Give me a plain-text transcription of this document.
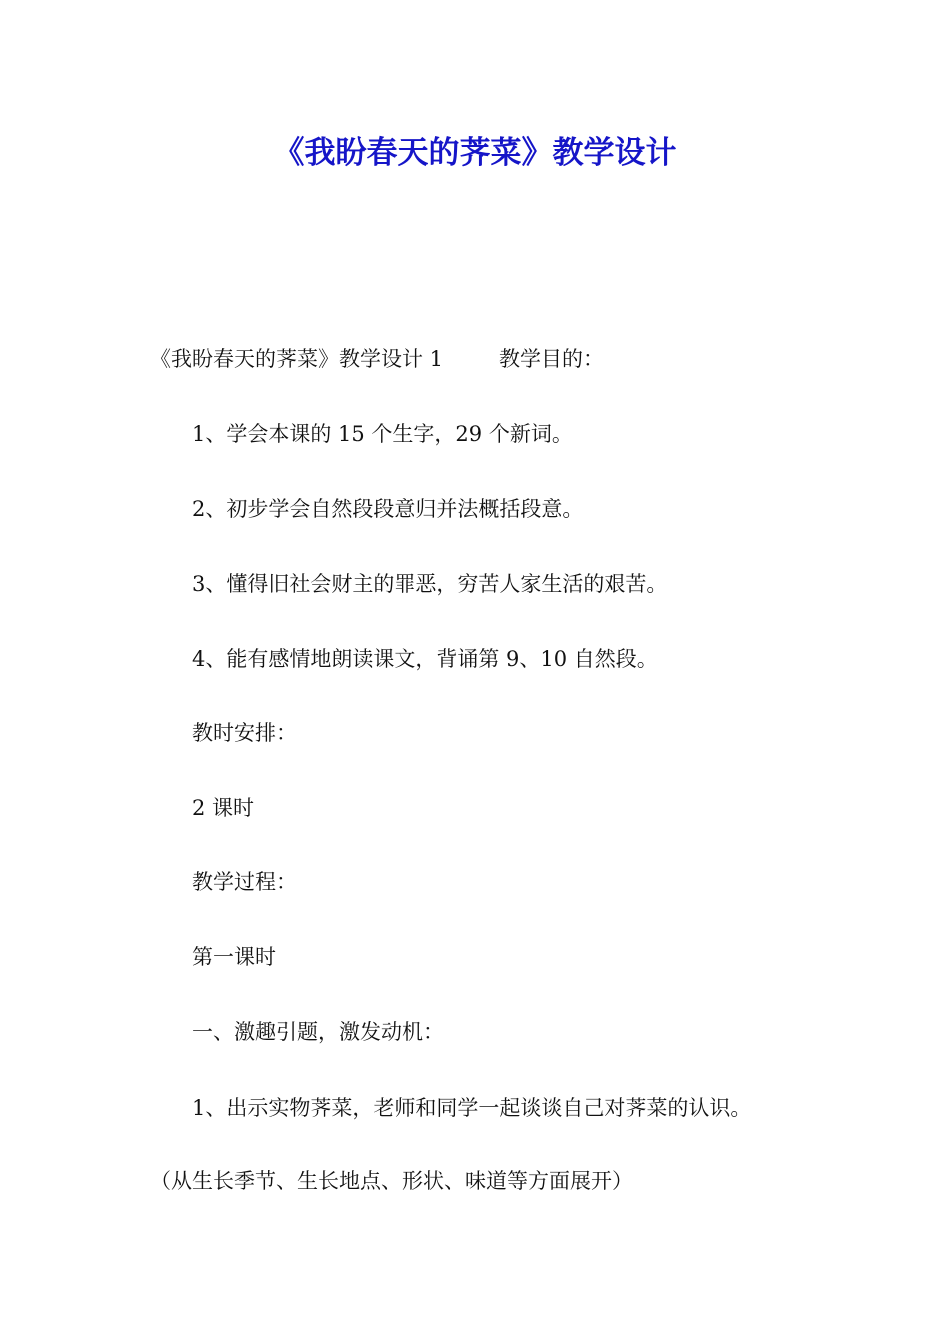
《我盼春天的荠菜》教学设计
《我盼春天的荠菜》教学设计 1	教学目的：
1、学会本课的 15 个生字，29 个新词。
2、初步学会自然段段意归并法概括段意。
3、懂得旧社会财主的罪恶，穷苦人家生活的艰苦。
4、能有感情地朗读课文，背诵第 9、10 自然段。
教时安排：
2 课时
教学过程：
第一课时
一、激趣引题，激发动机：
1、出示实物荠菜，老师和同学一起谈谈自己对荠菜的认识。
（从生长季节、生长地点、形状、味道等方面展开）
